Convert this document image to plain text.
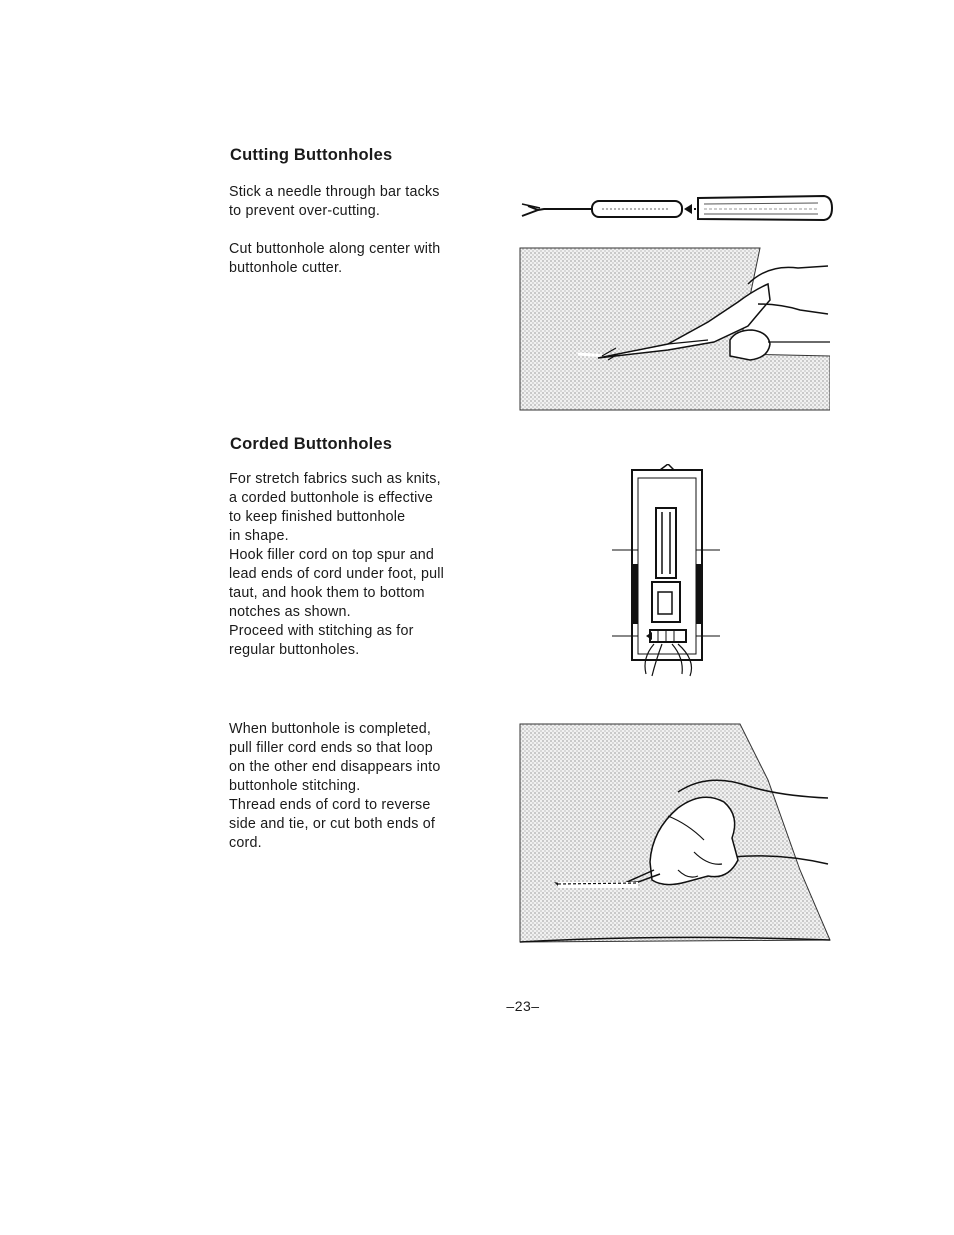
Cutting Buttonholes

Stick a needle through bar tacks
to prevent over-cutting.

Cut buttonhole along center with
buttonhole cutter.

Corded Buttonholes

For stretch fabrics such as knits,
a corded buttonhole is effective
to keep finished buttonhole
in shape.
Hook filler cord on top spur and
lead ends of cord under foot, pull
taut, and hook them to bottom
notches as shown.
Proceed with stitching as for
regular buttonholes.

When buttonhole is completed,
pull filler cord ends so that loop
on the other end disappears into
buttonhole stitching.
Thread ends of cord to reverse
side and tie, or cut both ends of
cord.

–23–
